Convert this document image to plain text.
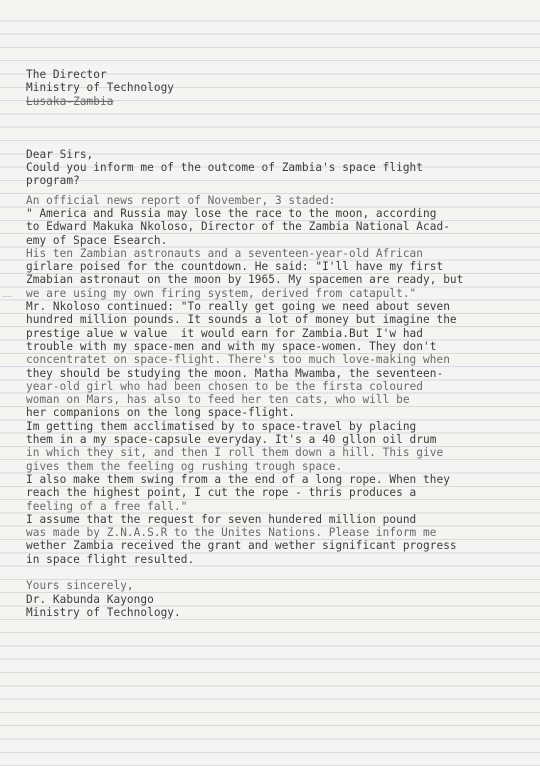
The Director
Ministry of Technology
Lusaka-Zambia
Dear Sirs,
Could you inform me of the outcome of Zambia's space flight
program?
An official news report of November, 3 staded:
" America and Russia may lose the race to the moon, according
to Edward Makuka Nkoloso, Director of the Zambia National Acad-
emy of Space Esearch.
His ten Zambian astronauts and a seventeen-year-old African
girlare poised for the countdown. He said: "I'll have my first
Zmabian astronaut on the moon by 1965. My spacemen are ready, but
we are using my own firing system, derived from catapult."
Mr. Nkoloso continued: "To really get going we need about seven
hundred million pounds. It sounds a lot of money but imagine the
prestige alue w value  it would earn for Zambia.But I'w had
trouble with my space-men and with my space-women. They don't
concentratet on space-flight. There's too much love-making when
they should be studying the moon. Matha Mwamba, the seventeen-
year-old girl who had been chosen to be the firsta coloured
woman on Mars, has also to feed her ten cats, who will be
her companions on the long space-flight.
Im getting them acclimatised by to space-travel by placing
them in a my space-capsule everyday. It's a 40 gllon oil drum
in which they sit, and then I roll them down a hill. This give
gives them the feeling og rushing trough space.
I also make them swing from a the end of a long rope. When they
reach the highest point, I cut the rope - thris produces a
feeling of a free fall."
I assume that the request for seven hundered million pound
was made by Z.N.A.S.R to the Unites Nations. Please inform me
wether Zambia received the grant and wether significant progress
in space flight resulted.
Yours sincerely,
Dr. Kabunda Kayongo
Ministry of Technology.
